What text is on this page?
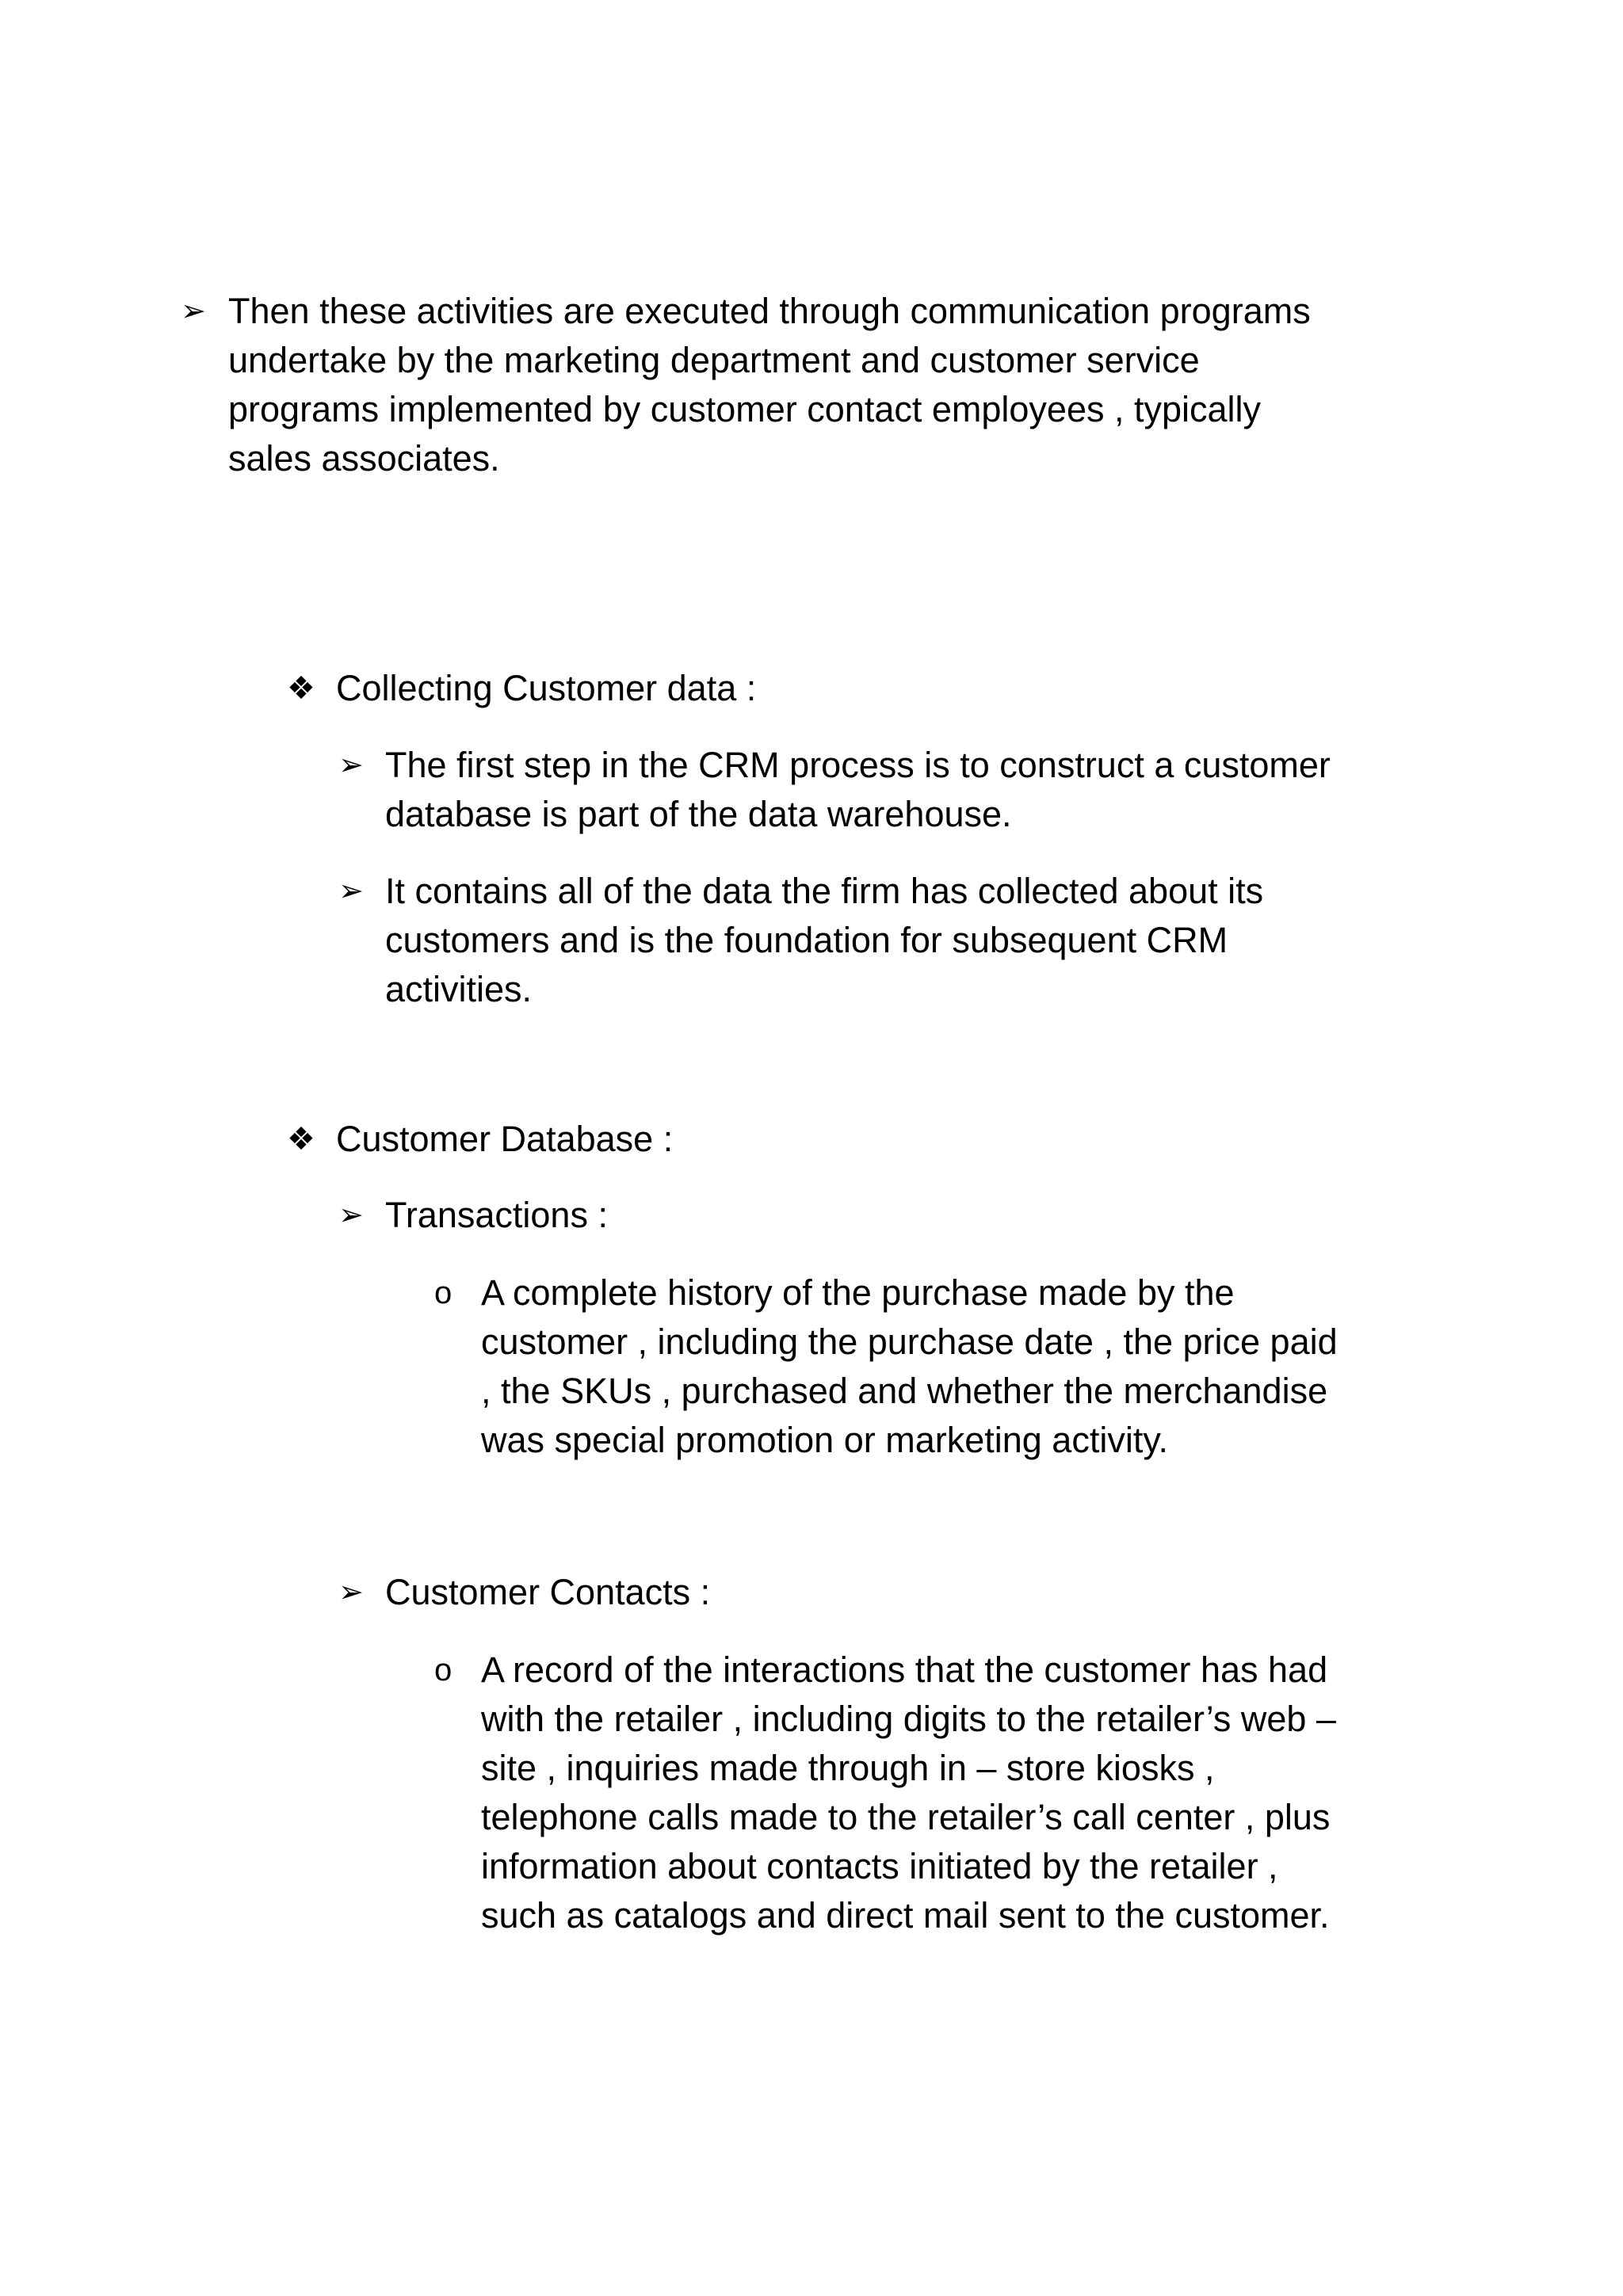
➢ Then these activities are executed through communication programs
undertake by the marketing department and customer service
programs implemented by customer contact employees , typically
sales associates.
❖ Collecting Customer data :
➢ The first step in the CRM process is to construct a customer
database is part of the data warehouse.
➢ It contains all of the data the firm has collected about its
customers and is the foundation for subsequent CRM
activities.
❖ Customer Database :
➢ Transactions :
o A complete history of the purchase made by the
customer , including the purchase date , the price paid
, the SKUs , purchased and whether the merchandise
was special promotion or marketing activity.
➢ Customer Contacts :
o A record of the interactions that the customer has had
with the retailer , including digits to the retailer’s web –
site , inquiries made through in – store kiosks ,
telephone calls made to the retailer’s call center , plus
information about contacts initiated by the retailer ,
such as catalogs and direct mail sent to the customer.
